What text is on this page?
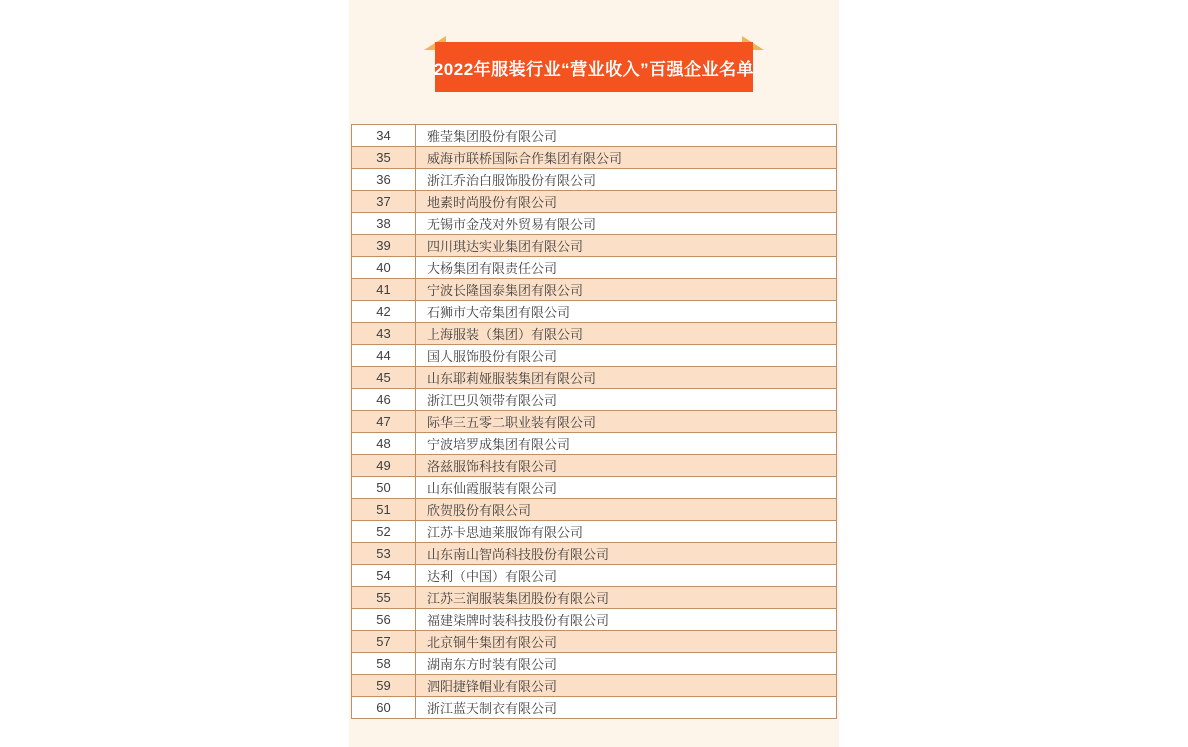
2022年服装行业“营业收入”百强企业名单
34	雅莹集团股份有限公司
35	威海市联桥国际合作集团有限公司
36	浙江乔治白服饰股份有限公司
37	地素时尚股份有限公司
38	无锡市金茂对外贸易有限公司
39	四川琪达实业集团有限公司
40	大杨集团有限责任公司
41	宁波长隆国泰集团有限公司
42	石狮市大帝集团有限公司
43	上海服装（集团）有限公司
44	国人服饰股份有限公司
45	山东耶莉娅服装集团有限公司
46	浙江巴贝领带有限公司
47	际华三五零二职业装有限公司
48	宁波培罗成集团有限公司
49	洛兹服饰科技有限公司
50	山东仙霞服装有限公司
51	欣贺股份有限公司
52	江苏卡思迪莱服饰有限公司
53	山东南山智尚科技股份有限公司
54	达利（中国）有限公司
55	江苏三润服装集团股份有限公司
56	福建柒牌时装科技股份有限公司
57	北京铜牛集团有限公司
58	湖南东方时装有限公司
59	泗阳捷锋帽业有限公司
60	浙江蓝天制衣有限公司
